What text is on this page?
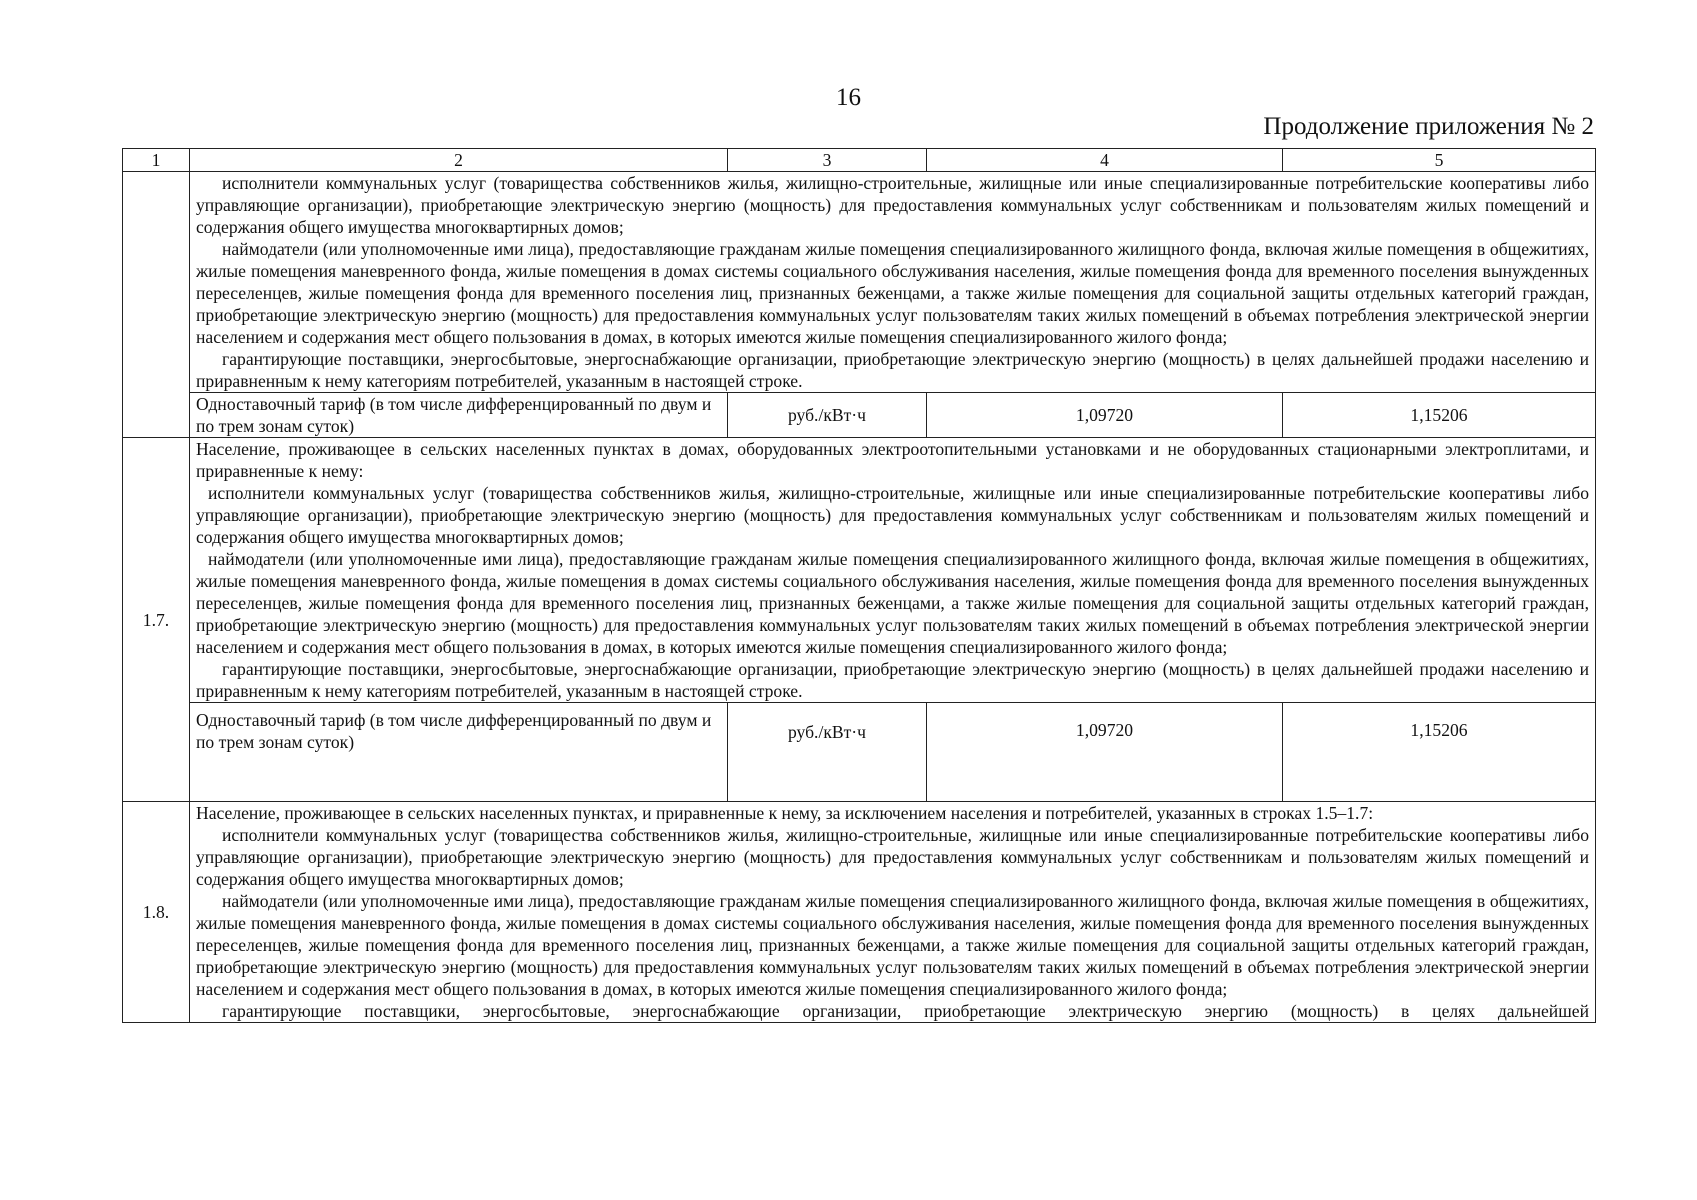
16
Продолжение приложения № 2
1	2	3	4	5

	исполнители коммунальных услуг (товарищества собственников жилья, жилищно-строительные, жилищные или иные специализированные потребительские кооперативы либо управляющие организации), приобретающие электрическую энергию (мощность) для предоставления коммунальных услуг собственникам и пользователям жилых помещений и содержания общего имущества многоквартирных домов;
наймодатели (или уполномоченные ими лица), предоставляющие гражданам жилые помещения специализированного жилищного фонда, включая жилые помещения в общежитиях, жилые помещения маневренного фонда, жилые помещения в домах системы социального обслуживания населения, жилые помещения фонда для временного поселения вынужденных переселенцев, жилые помещения фонда для временного поселения лиц, признанных беженцами, а также жилые помещения для социальной защиты отдельных категорий граждан, приобретающие электрическую энергию (мощность) для предоставления коммунальных услуг пользователям таких жилых помещений в объемах потребления электрической энергии населением и содержания мест общего пользования в домах, в которых имеются жилые помещения специализированного жилого фонда;
гарантирующие поставщики, энергосбытовые, энергоснабжающие организации, приобретающие электрическую энергию (мощность) в целях дальнейшей продажи населению и приравненным к нему категориям потребителей, указанным в настоящей строке.			

	Одноставочный тариф (в том числе дифференцированный по двум и по трем зонам суток)	руб./кВт·ч	1,09720	1,15206
1.7.	Население, проживающее в сельских населенных пунктах в домах, оборудованных электроотопительными установками и не оборудованных стационарными электроплитами, и приравненные к нему:
исполнители коммунальных услуг (товарищества собственников жилья, жилищно-строительные, жилищные или иные специализированные потребительские кооперативы либо управляющие организации), приобретающие электрическую энергию (мощность) для предоставления коммунальных услуг собственникам и пользователям жилых помещений и содержания общего имущества многоквартирных домов;
наймодатели (или уполномоченные ими лица), предоставляющие гражданам жилые помещения специализированного жилищного фонда, включая жилые помещения в общежитиях, жилые помещения маневренного фонда, жилые помещения в домах системы социального обслуживания населения, жилые помещения фонда для временного поселения вынужденных переселенцев, жилые помещения фонда для временного поселения лиц, признанных беженцами, а также жилые помещения для социальной защиты отдельных категорий граждан, приобретающие электрическую энергию (мощность) для предоставления коммунальных услуг пользователям таких жилых помещений в объемах потребления электрической энергии населением и содержания мест общего пользования в домах, в которых имеются жилые помещения специализированного жилого фонда;
гарантирующие поставщики, энергосбытовые, энергоснабжающие организации, приобретающие электрическую энергию (мощность) в целях дальнейшей продажи населению и приравненным к нему категориям потребителей, указанным в настоящей строке.			

	Одноставочный тариф (в том числе дифференцированный по двум и по трем зонам суток)	руб./кВт·ч	1,09720	1,15206
1.8.	Население, проживающее в сельских населенных пунктах, и приравненные к нему, за исключением населения и потребителей, указанных в строках 1.5–1.7:
исполнители коммунальных услуг (товарищества собственников жилья, жилищно-строительные, жилищные или иные специализированные потребительские кооперативы либо управляющие организации), приобретающие электрическую энергию (мощность) для предоставления коммунальных услуг собственникам и пользователям жилых помещений и содержания общего имущества многоквартирных домов;
наймодатели (или уполномоченные ими лица), предоставляющие гражданам жилые помещения специализированного жилищного фонда, включая жилые помещения в общежитиях, жилые помещения маневренного фонда, жилые помещения в домах системы социального обслуживания населения, жилые помещения фонда для временного поселения вынужденных переселенцев, жилые помещения фонда для временного поселения лиц, признанных беженцами, а также жилые помещения для социальной защиты отдельных категорий граждан, приобретающие электрическую энергию (мощность) для предоставления коммунальных услуг пользователям таких жилых помещений в объемах потребления электрической энергии населением и содержания мест общего пользования в домах, в которых имеются жилые помещения специализированного жилого фонда;
гарантирующие поставщики, энергосбытовые, энергоснабжающие организации, приобретающие электрическую энергию (мощность) в целях дальнейшей			
